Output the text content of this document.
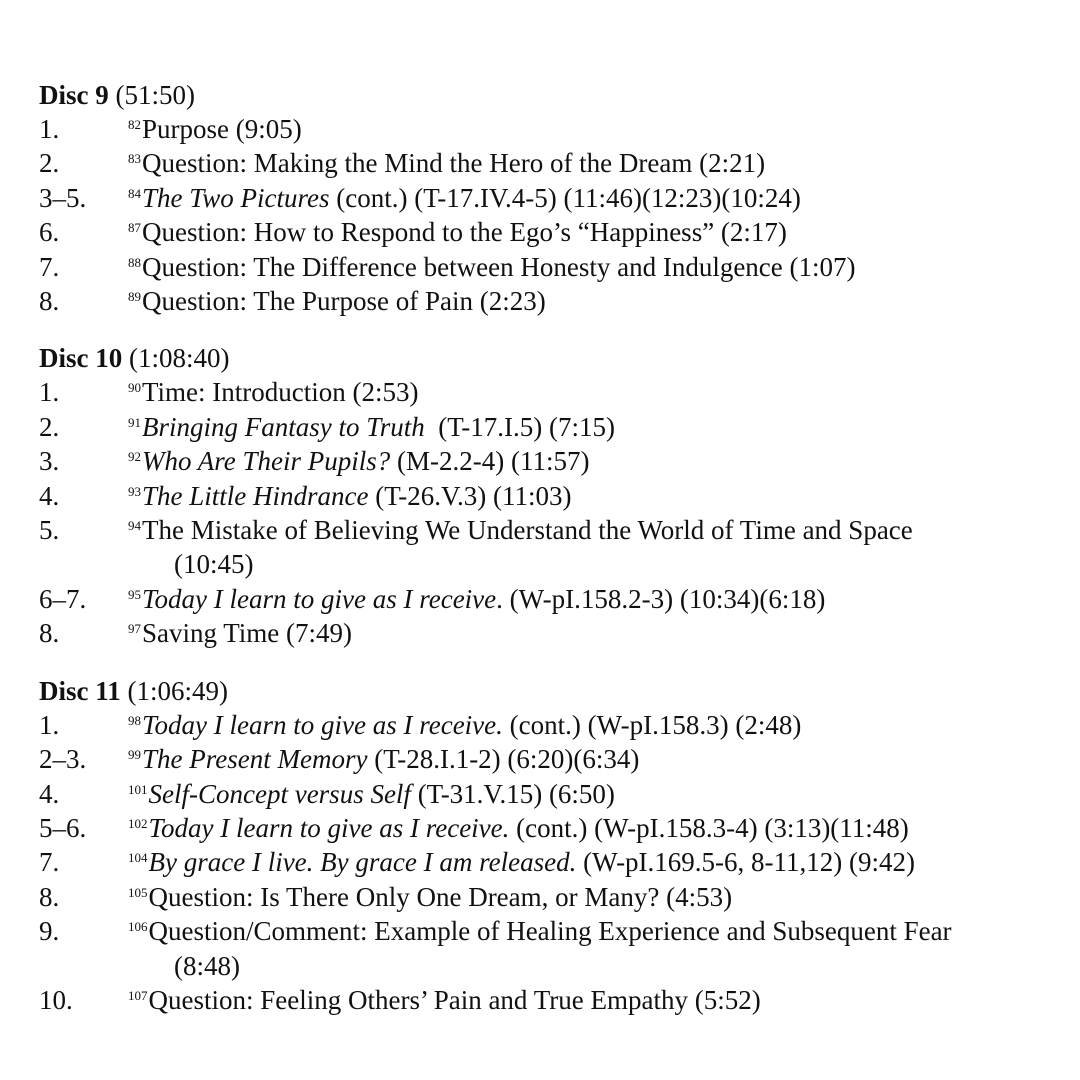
Disc 9 (51:50)
1.	$^{82}$Purpose (9:05)
2.	$^{83}$Question: Making the Mind the Hero of the Dream (2:21)
3–5.	$^{84}$The Two Pictures (cont.) (T-17.IV.4-5) (11:46)(12:23)(10:24)
6.	$^{87}$Question: How to Respond to the Ego’s “Happiness” (2:17)
7.	$^{88}$Question: The Difference between Honesty and Indulgence (1:07)
8.	$^{89}$Question: The Purpose of Pain (2:23)
Disc 10 (1:08:40)
1.	$^{90}$Time: Introduction (2:53)
2.	$^{91}$Bringing Fantasy to Truth  (T-17.I.5) (7:15)
3.	$^{92}$Who Are Their Pupils? (M-2.2-4) (11:57)
4.	$^{93}$The Little Hindrance (T-26.V.3) (11:03)
5.	$^{94}$The Mistake of Believing We Understand the World of Time and Space
(10:45)
6–7.	$^{95}$Today I learn to give as I receive. (W-pI.158.2-3) (10:34)(6:18)
8.	$^{97}$Saving Time (7:49)
Disc 11 (1:06:49)
1.	$^{98}$Today I learn to give as I receive. (cont.) (W-pI.158.3) (2:48)
2–3.	$^{99}$The Present Memory (T-28.I.1-2) (6:20)(6:34)
4.	$^{101}$Self-Concept versus Self (T-31.V.15) (6:50)
5–6.	$^{102}$Today I learn to give as I receive. (cont.) (W-pI.158.3-4) (3:13)(11:48)
7.	$^{104}$By grace I live. By grace I am released. (W-pI.169.5-6, 8-11,12) (9:42)
8.	$^{105}$Question: Is There Only One Dream, or Many? (4:53)
9.	$^{106}$Question/Comment: Example of Healing Experience and Subsequent Fear
(8:48)
10.	$^{107}$Question: Feeling Others’ Pain and True Empathy (5:52)
